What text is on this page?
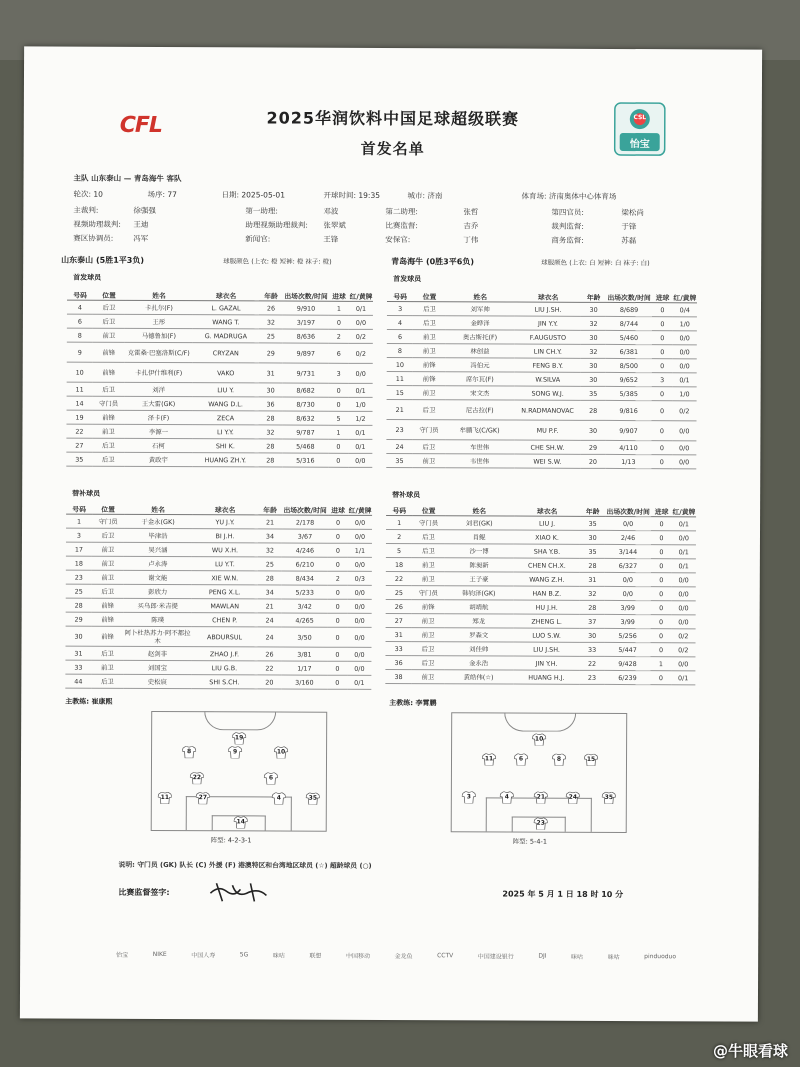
CFL	CSL
怡宝
2025华润饮料中国足球超级联赛
首发名单
主队 山东泰山 — 青岛海牛 客队
轮次: 10	场序: 77	日期: 2025-05-01	开球时间: 19:35	城市: 济南	体育场: 济南奥体中心体育场
主裁判:	徐强强	第一助理:	邓波	第二助理:	张哲	第四官员:	梁松尚
视频助理裁判: 王迪	助理视频助理裁判: 张翠斌	比赛监督:	吉乔	裁判监督:	于锋
赛区协调员:	冯军	新闻官:	王锋	安保官:	丁伟	商务监督:	苏磊
山东泰山 (5胜1平3负)	球服颜色 (上衣: 橙 短裤: 橙 袜子: 橙)	青岛海牛 (0胜3平6负)	球服颜色 (上衣: 白 短裤: 白 袜子: 白)
首发球员	首发球员
号码	位置	姓名	球衣名	年龄	出场次数/时间	进球	红/黄牌
4	后卫	卡扎尔(F)	L. GAZAL	26	9/910	1	0/1
6	后卫	王彤	WANG T.	32	3/197	0	0/0
8	前卫	马德鲁加(F)	G. MADRUGA	25	8/636	2	0/2
9	前锋	克雷桑·巴塞洛斯(C/F)	CRYZAN	29	9/897	6	0/2
10	前锋	卡扎伊什维利(F)	VAKO	31	9/731	3	0/0
11	后卫	刘洋	LIU Y.	30	8/682	0	0/1
14	守门员	王大雷(GK)	WANG D.L.	36	8/730	0	1/0
19	前锋	泽卡(F)	ZECA	28	8/632	5	1/2
22	前卫	李源一	LI Y.Y.	32	9/787	1	0/1
27	后卫	石柯	SHI K.	28	5/468	0	0/1
35	后卫	黄政宇	HUANG ZH.Y.	28	5/316	0	0/0
号码	位置	姓名	球衣名	年龄	出场次数/时间	进球	红/黄牌
3	后卫	刘军帅	LIU J.SH.	30	8/689	0	0/4
4	后卫	金晔泽	JIN Y.Y.	32	8/744	0	1/0
6	前卫	奥古斯托(F)	F.AUGUSTO	30	5/460	0	0/0
8	前卫	林创益	LIN CH.Y.	32	6/381	0	0/0
10	前锋	冯伯元	FENG B.Y.	30	8/500	0	0/0
11	前锋	席尔瓦(F)	W.SILVA	30	9/652	3	0/1
15	前卫	宋文杰	SONG W.J.	35	5/385	0	1/0
21	后卫	尼古拉(F)	N.RADMANOVAC	28	9/816	0	0/2
23	守门员	牟鹏飞(C/GK)	MU P.F.	30	9/907	0	0/0
24	后卫	车世伟	CHE SH.W.	29	4/110	0	0/0
35	前卫	韦世伟	WEI S.W.	20	1/13	0	0/0
替补球员	替补球员
号码	位置	姓名	球衣名	年龄	出场次数/时间	进球	红/黄牌
1	守门员	于金永(GK)	YU J.Y.	21	2/178	0	0/0
3	后卫	毕津浩	BI J.H.	34	3/67	0	0/0
17	前卫	吴兴涵	WU X.H.	32	4/246	0	1/1
18	前卫	卢永涛	LU Y.T.	25	6/210	0	0/0
23	前卫	谢文能	XIE W.N.	28	8/434	2	0/3
25	后卫	彭欣力	PENG X.L.	34	5/233	0	0/0
28	前锋	买乌郎·米吉提	MAWLAN	21	3/42	0	0/0
29	前锋	陈璞	CHEN P.	24	4/265	0	0/0
30	前锋	阿卜杜热苏力·阿不都拉木	ABDURSUL	24	3/50	0	0/0
31	后卫	赵剑非	ZHAO J.F.	26	3/81	0	0/0
33	前卫	刘国宝	LIU G.B.	22	1/17	0	0/0
44	后卫	史松宸	SHI S.CH.	20	3/160	0	0/1
号码	位置	姓名	球衣名	年龄	出场次数/时间	进球	红/黄牌
1	守门员	刘君(GK)	LIU J.	35	0/0	0	0/1
2	后卫	肖鲲	XIAO K.	30	2/46	0	0/0
5	后卫	沙一博	SHA Y.B.	35	3/144	0	0/1
18	前卫	陈昶新	CHEN CH.X.	28	6/327	0	0/1
22	前卫	王子豪	WANG Z.H.	31	0/0	0	0/0
25	守门员	韩钧泽(GK)	HAN B.Z.	32	0/0	0	0/0
26	前锋	胡靖航	HU J.H.	28	3/99	0	0/0
27	前卫	郑龙	ZHENG L.	37	3/99	0	0/0
31	前卫	罗森文	LUO S.W.	30	5/256	0	0/2
33	后卫	刘佳帅	LIU J.SH.	33	5/447	0	0/2
36	后卫	金永浩	JIN Y.H.	22	9/428	1	0/0
38	前卫	黄皓伟(☆)	HUANG H.J.	23	6/239	0	0/1
主教练: 崔康熙	主教练: 李霄鹏
19
8	9	10
22	6
11	27	4	35
14
阵型: 4-2-3-1
10
11	6	8	15
3	4	21	24	35
23
阵型: 5-4-1
说明: 守门员 (GK) 队长 (C) 外援 (F) 港澳特区和台湾地区球员 (☆) 超龄球员 (○)
比赛监督签字:	2025 年 5 月 1 日 18 时 10 分
怡宝	NIKE	中国人寿	5G	咪咕	联想	中国移动	金龙鱼	CCTV	中国建设银行	DJI	咪咕	咪咕	pinduoduo
@牛眼看球
